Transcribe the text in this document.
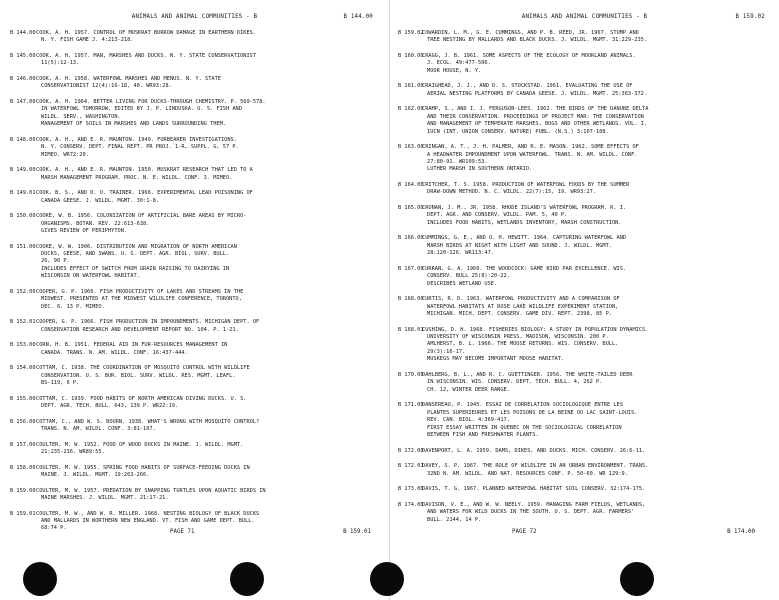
ANIMALS AND ANIMAL COMMUNITIES - B	B 144.00
B 144.00 COOK, A. H. 1957. CONTROL OF MUSKRAT BURROW DAMAGE IN EARTHERN DIKES.
N. Y. FISH GAME J. 4:213-218.
B 145.00 COOK, A. H. 1957. MAN, MARSHES AND DUCKS. N. Y. STATE CONSERVATIONIST
11(5):12-13.
B 146.00 COOK, A. H. 1958. WATERFOWL MARSHES AND MENUS. N. Y. STATE
CONSERVATIONIST 12(4):16-18, 40. WR93:28.
B 147.00 COOK, A. H. 1964. BETTER LIVING FOR DUCKS-THROUGH CHEMISTRY. P. 569-578.
IN WATERFOWL TOMORROW, EDITED BY J. P. LINDUSKA. U. S. FISH AND
WILDL. SERV., WASHINGTON.
MANAGEMENT OF SOILS IN MARSHES AND LANDS SURROUNDING THEM.
B 148.00 COOK, A. H., AND E. R. MAUNTON. 1949. FURBEARER INVESTIGATIONS.
N. Y. CONSERV. DEPT. FINAL REPT. PR PROJ. 1-R, SUPPL. G, 57 P.
MIMEO. WR72:20.
B 149.00 COOK, A. H., AND E. R. MAUNTON. 1950. MUSKRAT RESEARCH THAT LED TO A
MARSH MANAGEMENT PROGRAM. PROC. N. E. WILDL. CONF. 3. MIMEO.
B 149.01 COOK, B. S., AND D. O. TRAINER. 1966. EXPERIMENTAL LEAD POISONING OF
CANADA GEESE. J. WILDL. MGMT. 30:1-8.
B 150.00 COOKE, W. B. 1956. COLONIZATION OF ARTIFICIAL BARE AREAS BY MICRO-
ORGANISMS. BOTAN. REV. 22:613-638.
GIVES REVIEW OF PERIPHYTON.
B 151.00 COOKE, W. W. 1906. DISTRIBUTION AND MIGRATION OF NORTH AMERICAN
DUCKS, GEESE, AND SWANS. U. S. DEPT. AGR. BIOL. SURV. BULL.
26, 90 P.
INCLUDES EFFECT OF SWITCH FROM GRAIN RAISING TO DAIRYING IN
WISCONSIN ON WATERFOWL HABITAT.
B 152.00 COOPER, G. P. 1960. FISH PRODUCTIVITY OF LAKES AND STREAMS IN THE
MIDWEST. PRESENTED AT THE MIDWEST WILDLIFE CONFERENCE, TORONTO,
DEC. 6. 13 P. MIMEO.
B 152.01 COOPER, G. P. 1966. FISH PRODUCTION IN IMPOUNDMENTS. MICHIGAN DEPT. OF
CONSERVATION RESEARCH AND DEVELOPMENT REPORT NO. 104. P. 1-21.
B 153.00 CORN, H. B. 1951. FEDERAL AID IN FUR-RESOURCES MANAGEMENT IN
CANADA. TRANS. N. AM. WILDL. CONF. 16:437-444.
B 154.00 COTTAM, C. 1938. THE COORDINATION OF MOSQUITO CONTROL WITH WILDLIFE
CONSERVATION. U. S. BUR. BIOL. SURV. WILDL. RES. MGMT. LEAFL.
BS-119, 6 P.
B 155.00 COTTAM, C. 1939. FOOD HABITS OF NORTH AMERICAN DIVING DUCKS. U. S.
DEPT. AGR. TECH. BULL. 643, 139 P. WR22:19.
B 156.00 COTTAM, C., AND W. S. BOURN. 1938. WHAT'S WRONG WITH MOSQUITO CONTROL?
TRANS. N. AM. WILDL. CONF. 3:81-107.
B 157.00 COULTER, M. W. 1952. FOOD OF WOOD DUCKS IN MAINE. J. WILDL. MGMT.
21:235-236. WR89:55.
B 158.00 COULTER, M. W. 1955. SPRING FOOD HABITS OF SURFACE-FEEDING DUCKS IN
MAINE. J. WILDL. MGMT. 19:263-266.
B 159.00 COULTER, M. W. 1957. PREDATION BY SNAPPING TURTLES UPON AQUATIC BIRDS IN
MAINE MARSHES. J. WILDL. MGMT. 21:17-21.
B 159.01 COULTER, M. W., AND W. R. MILLER. 1968. NESTING BIOLOGY OF BLACK DUCKS
AND MALLARDS IN NORTHERN NEW ENGLAND. VT. FISH AND GAME DEPT. BULL.
68:74 P.
PAGE 71	B 159.01
ANIMALS AND ANIMAL COMMUNITIES - B	B 159.02
B 159.02
COWARDIN, L. M., G. E. CUMMINGS, AND P. B. REED, JR. 1967. STUMP AND
TREE NESTING BY MALLARDS AND BLACK DUCKS. J. WILDL. MGMT. 31:229-235.
B 160.00
CRAGG, J. B. 1961. SOME ASPECTS OF THE ECOLOGY OF MOORLAND ANIMALS.
J. ECOL. 49:477-506.
MOOR HOUSE, N. Y.
B 161.00
CRAIGHEAD, J. J., AND D. S. STOCKSTAD. 1961. EVALUATING THE USE OF
AERIAL NESTING PLATFORMS BY CANADA GEESE. J. WILDL. MGMT. 25:363-372.
B 162.00
CRAMP, S., AND I. J. FERGUSON-LEES. 1962. THE BIRDS OF THE DANUBE DELTA
AND THEIR CONSERVATION. PROCEEDINGS OF PROJECT MAR: THE CONSERVATION
AND MANAGEMENT OF TEMPERATE MARSHES, BOGS AND OTHER WETLANDS. VOL. I.
IUCN (INT. UNION CONSERV. NATURE) PUBL. (N.S.) 3:107-108.
B 163.00
CRINGAN, A. T., J. H. PALMER, AND R. E. MASON. 1962. SOME EFFECTS OF
A HEADWATER IMPOUNDMENT UPON WATERFOWL. TRANS. N. AM. WILDL. CONF.
27:80-91. WR109:53.
LUTHER MARSH IN SOUTHERN ONTARIO.
B 164.00
CRITCHER, T. S. 1958. PRODUCTION OF WATERFOWL FOODS BY THE SUMMER
DRAW-DOWN METHOD. N. C. WILDL. 22(7):15, 19. WR93:27.
B 165.00
CRONAN, J. M., JR. 1958. RHODE ISLAND'S WATERFOWL PROGRAM. R. I.
DEPT. AGR. AND CONSERV. WILDL. PAM. 5, 40 P.
INCLUDES FOOD HABITS, WETLANDS INVENTORY, MARSH CONSTRUCTION.
B 166.00
CUMMINGS, G. E., AND O. H. HEWITT. 1964. CAPTURING WATERFOWL AND
MARSH BIRDS AT NIGHT WITH LIGHT AND SOUND. J. WILDL. MGMT.
28:120-126. WR113:47.
B 167.00
CURRAN, G. A. 1960. THE WOODCOCK: GAME BIRD PAR EXCELLENCE. WIS.
CONSERV. BULL 25(8):20-22.
DESCRIBES WETLAND USE.
B 168.00
CURTIS, R. D. 1963. WATERFOWL PRODUCTIVITY AND A COMPARISON OF
WATERFOWL HABITATS AT ROSE LAKE WILDLIFE EXPERIMENT STATION,
MICHIGAN. MICH. DEPT. CONSERV. GAME DIV. REPT. 2398, 85 P.
B 168.01
CUSHING, D. H. 1968. FISHERIES BIOLOGY: A STUDY IN POPULATION DYNAMICS.
UNIVERSITY OF WISCONSIN PRESS, MADISON, WISCONSIN. 200 P.
AMLHERST, B. L. 1966. THE MOOSE RETURNS. WIS. CONSERV. BULL.
29(3):16-17.
MUSKEGS MAY BECOME IMPORTANT MOOSE HABITAT.
B 170.00
DAHLBERG, B. L., AND R. C. GUETTINGER. 1956. THE WHITE-TAILED DEER
IN WISCONSIN. WIS. CONSERV. DEPT. TECH. BULL. 4, 262 P.
CH. 12, WINTER DEER RANGE.
B 171.00
DANSEREAU, P. 1945. ESSAI DE CORRELATION SOCIOLOGIQUE ENTRE LES
PLANTES SUPERIEURES ET LES POISONS DE LA BEINE OU LAC SAINT-LOUIS.
REV. CAN. BIOL. 4:369-417.
FIRST ESSAY WRITTEN IN QUEBEC ON THE SOCIOLOGICAL CORRELATION
BETWEEN FISH AND FRESHWATER PLANTS.
B 172.00
DAVENPORT, L. A. 1959. DAMS, DIKES, AND DUCKS. MICH. CONSERV. 26:6-11.
B 172.01
DAVEY, S. P. 1967. THE ROLE OF WILDLIFE IN AN URBAN ENVIRONMENT. TRANS.
32ND N. AM. WILDL. AND NAT. RESOURCES CONF. P. 50-60. WR 129:9.
B 173.00
DAVIS, T. G. 1967. PLANNED WATERFOWL HABITAT SOIL CONSERV. 32:174-175.
B 174.00
DAVISON, V. E., AND W. W. NEELY. 1959. MANAGING FARM FIELDS, WETLANDS,
AND WATERS FOR WILD DUCKS IN THE SOUTH. U. S. DEPT. AGR. FARMERS'
BULL. 2144, 14 P.
PAGE 72	B 174.00
